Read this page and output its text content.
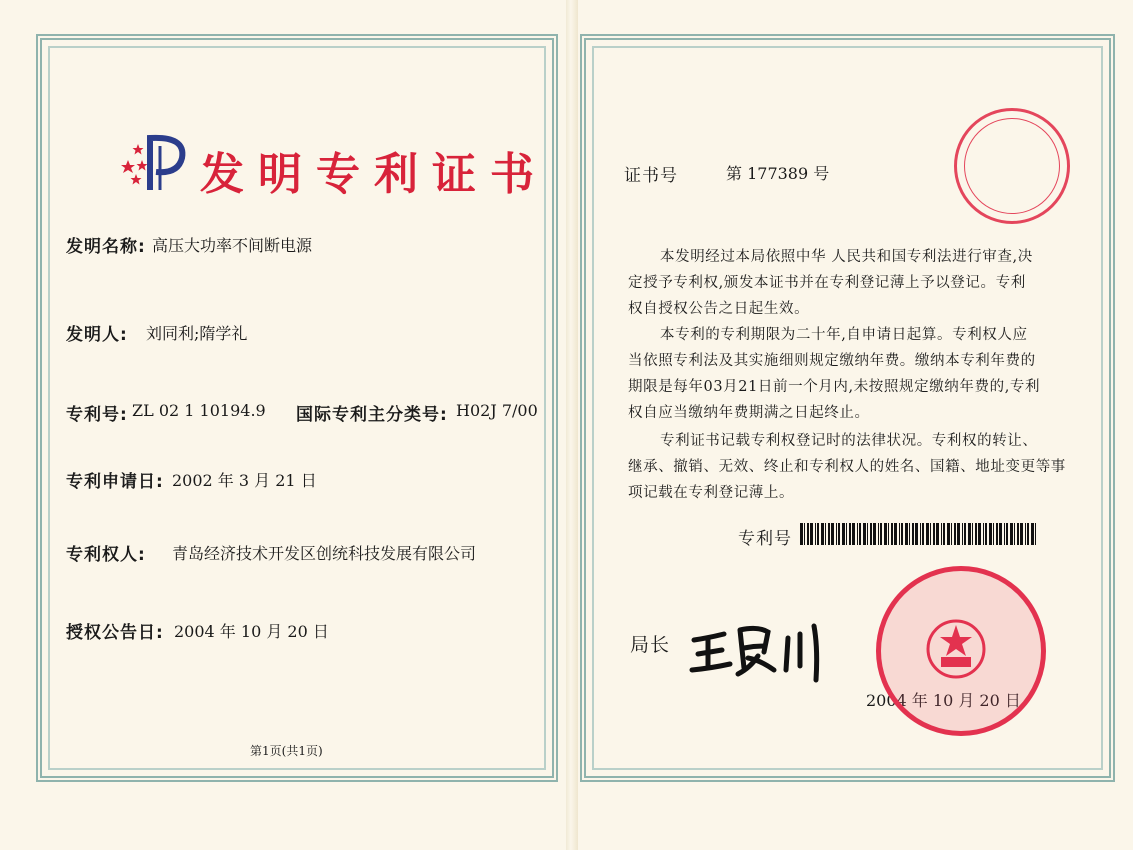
发明专利证书
发明名称: 高压大功率不间断电源
发明人: 刘同利;隋学礼
专利号: ZL 02 1 10194.9 国际专利主分类号: H02J 7/00
专利申请日: 2002 年 3 月 21 日
专利权人: 青岛经济技术开发区创统科技发展有限公司
授权公告日: 2004 年 10 月 20 日
第1页(共1页)
证书号	第 177389 号
本发明经过本局依照中华 人民共和国专利法进行审查,决
定授予专利权,颁发本证书并在专利登记薄上予以登记。专利
权自授权公告之日起生效。
本专利的专利期限为二十年,自申请日起算。专利权人应
当依照专利法及其实施细则规定缴纳年费。缴纳本专利年费的
期限是每年03月21日前一个月内,未按照规定缴纳年费的,专利
权自应当缴纳年费期满之日起终止。
专利证书记载专利权登记时的法律状况。专利权的转让、
继承、撤销、无效、终止和专利权人的姓名、国籍、地址变更等事
项记载在专利登记薄上。
专利号
局长
2004 年 10 月 20 日
